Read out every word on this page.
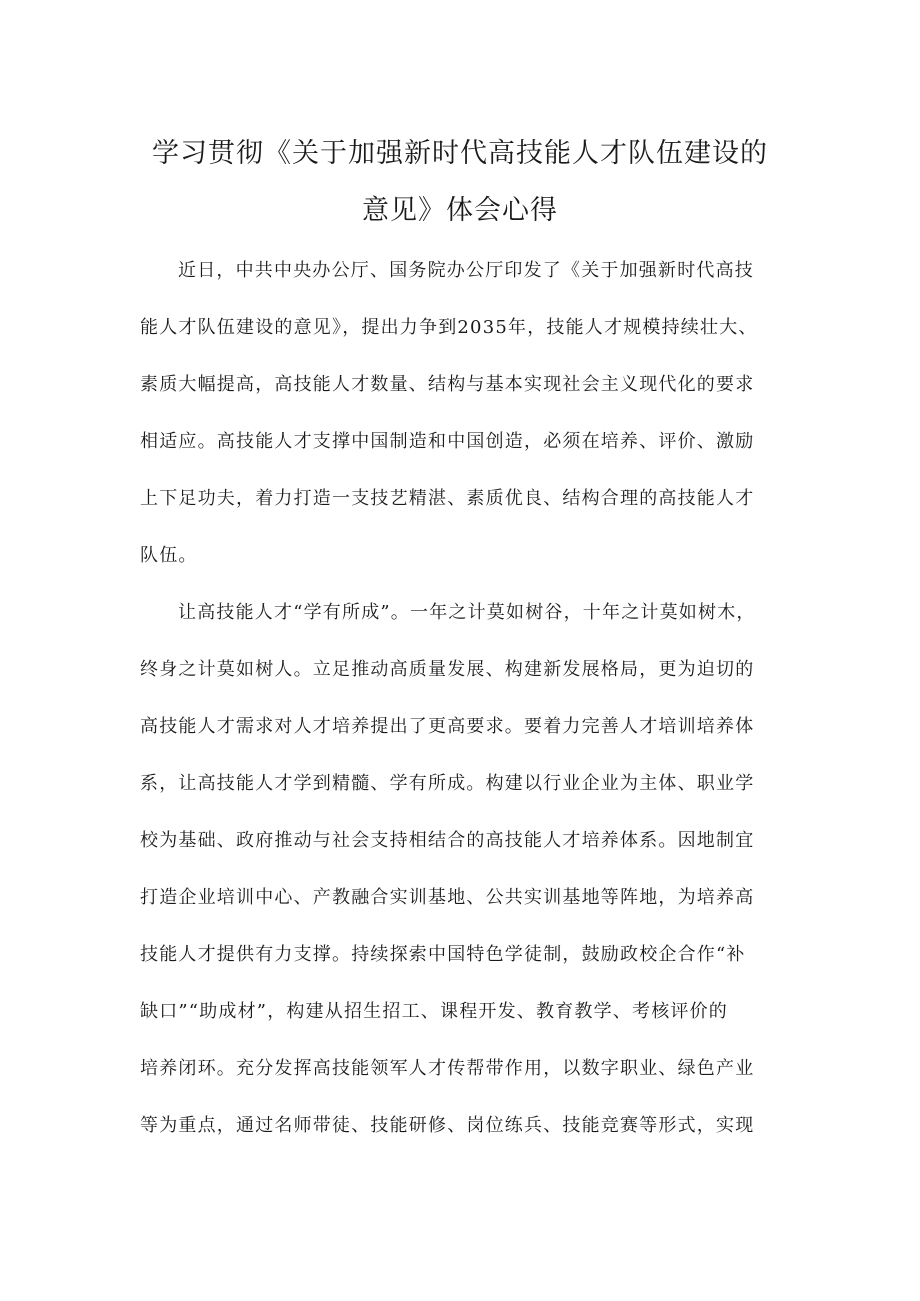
学习贯彻《关于加强新时代高技能人才队伍建设的
意见》体会心得
近日，中共中央办公厅、国务院办公厅印发了《关于加强新时代高技
能人才队伍建设的意见》，提出力争到2035年，技能人才规模持续壮大、
素质大幅提高，高技能人才数量、结构与基本实现社会主义现代化的要求
相适应。高技能人才支撑中国制造和中国创造，必须在培养、评价、激励
上下足功夫，着力打造一支技艺精湛、素质优良、结构合理的高技能人才
队伍。
让高技能人才“学有所成”。一年之计莫如树谷，十年之计莫如树木，
终身之计莫如树人。立足推动高质量发展、构建新发展格局，更为迫切的
高技能人才需求对人才培养提出了更高要求。要着力完善人才培训培养体
系，让高技能人才学到精髓、学有所成。构建以行业企业为主体、职业学
校为基础、政府推动与社会支持相结合的高技能人才培养体系。因地制宜
打造企业培训中心、产教融合实训基地、公共实训基地等阵地，为培养高
技能人才提供有力支撑。持续探索中国特色学徒制，鼓励政校企合作“补
缺口”“助成材”，构建从招生招工、课程开发、教育教学、考核评价的
培养闭环。充分发挥高技能领军人才传帮带作用，以数字职业、绿色产业
等为重点，通过名师带徒、技能研修、岗位练兵、技能竞赛等形式，实现
